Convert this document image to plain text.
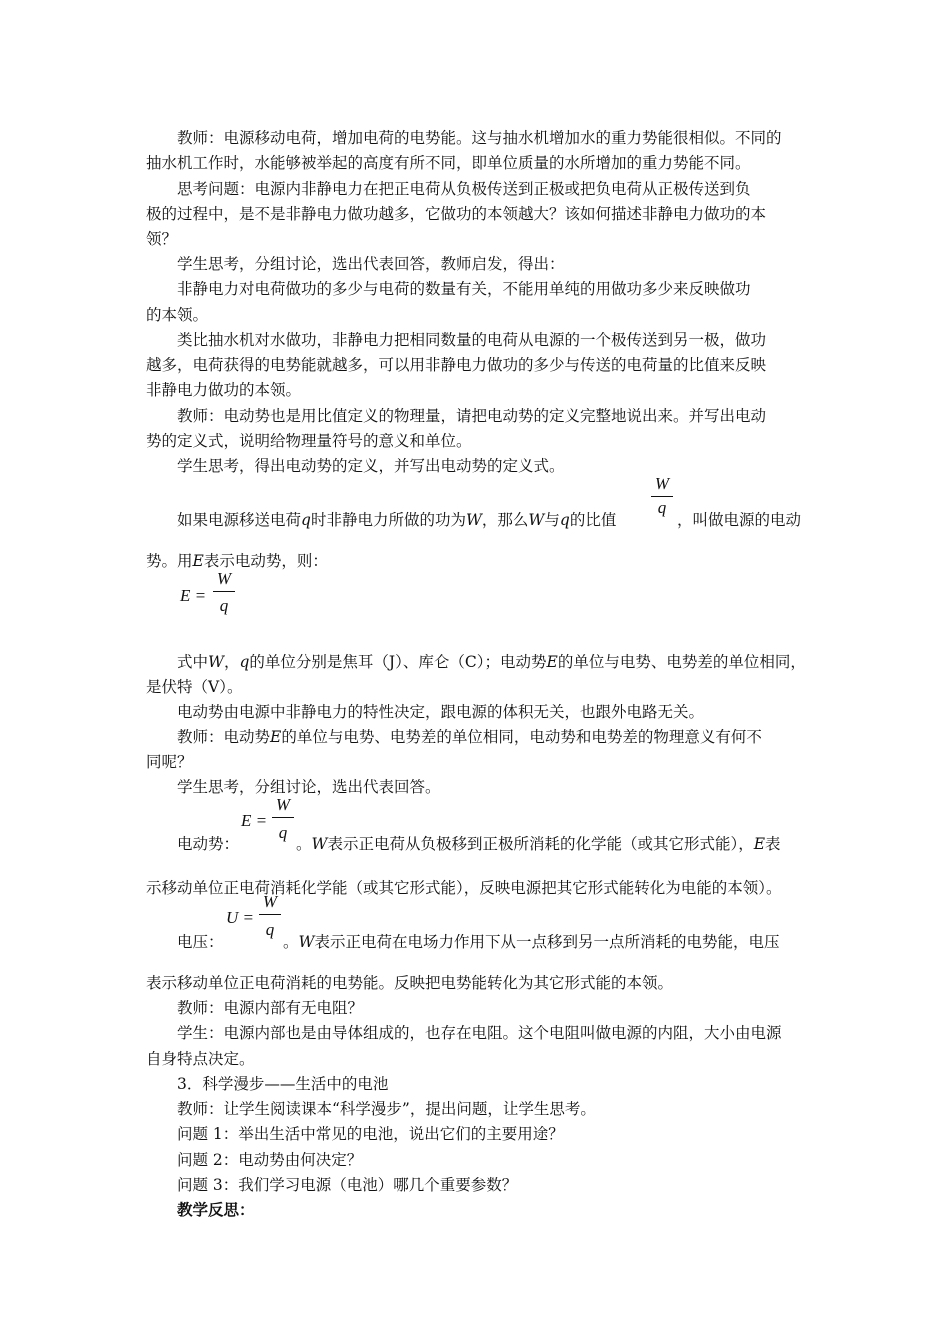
教师：电源移动电荷，增加电荷的电势能。这与抽水机增加水的重力势能很相似。不同的
抽水机工作时，水能够被举起的高度有所不同，即单位质量的水所增加的重力势能不同。
思考问题：电源内非静电力在把正电荷从负极传送到正极或把负电荷从正极传送到负
极的过程中，是不是非静电力做功越多，它做功的本领越大？该如何描述非静电力做功的本
领？
学生思考，分组讨论，选出代表回答，教师启发，得出：
非静电力对电荷做功的多少与电荷的数量有关，不能用单纯的用做功多少来反映做功
的本领。
类比抽水机对水做功，非静电力把相同数量的电荷从电源的一个极传送到另一极，做功
越多，电荷获得的电势能就越多，可以用非静电力做功的多少与传送的电荷量的比值来反映
非静电力做功的本领。
教师：电动势也是用比值定义的物理量，请把电动势的定义完整地说出来。并写出电动
势的定义式，说明给物理量符号的意义和单位。
学生思考，得出电动势的定义，并写出电动势的定义式。
如果电源移送电荷q时非静电力所做的功为W，那么W与q的比值
W
q
，叫做电源的电动
势。用E表示电动势，则：
E =
W
q
式中W，q的单位分别是焦耳（J）、库仑（C）；电动势E的单位与电势、电势差的单位相同，
是伏特（V）。
电动势由电源中非静电力的特性决定，跟电源的体积无关，也跟外电路无关。
教师：电动势E的单位与电势、电势差的单位相同，电动势和电势差的物理意义有何不
同呢？
学生思考，分组讨论，选出代表回答。
E =
W
q
电动势：	。W表示正电荷从负极移到正极所消耗的化学能（或其它形式能），E表
示移动单位正电荷消耗化学能（或其它形式能），反映电源把其它形式能转化为电能的本领）。
U =
W
q
电压：	。W表示正电荷在电场力作用下从一点移到另一点所消耗的电势能，电压
表示移动单位正电荷消耗的电势能。反映把电势能转化为其它形式能的本领。
教师：电源内部有无电阻？
学生：电源内部也是由导体组成的，也存在电阻。这个电阻叫做电源的内阻，大小由电源
自身特点决定。
3．科学漫步——生活中的电池
教师：让学生阅读课本“科学漫步”，提出问题，让学生思考。
问题 1：举出生活中常见的电池，说出它们的主要用途？
问题 2：电动势由何决定？
问题 3：我们学习电源（电池）哪几个重要参数？
教学反思：
